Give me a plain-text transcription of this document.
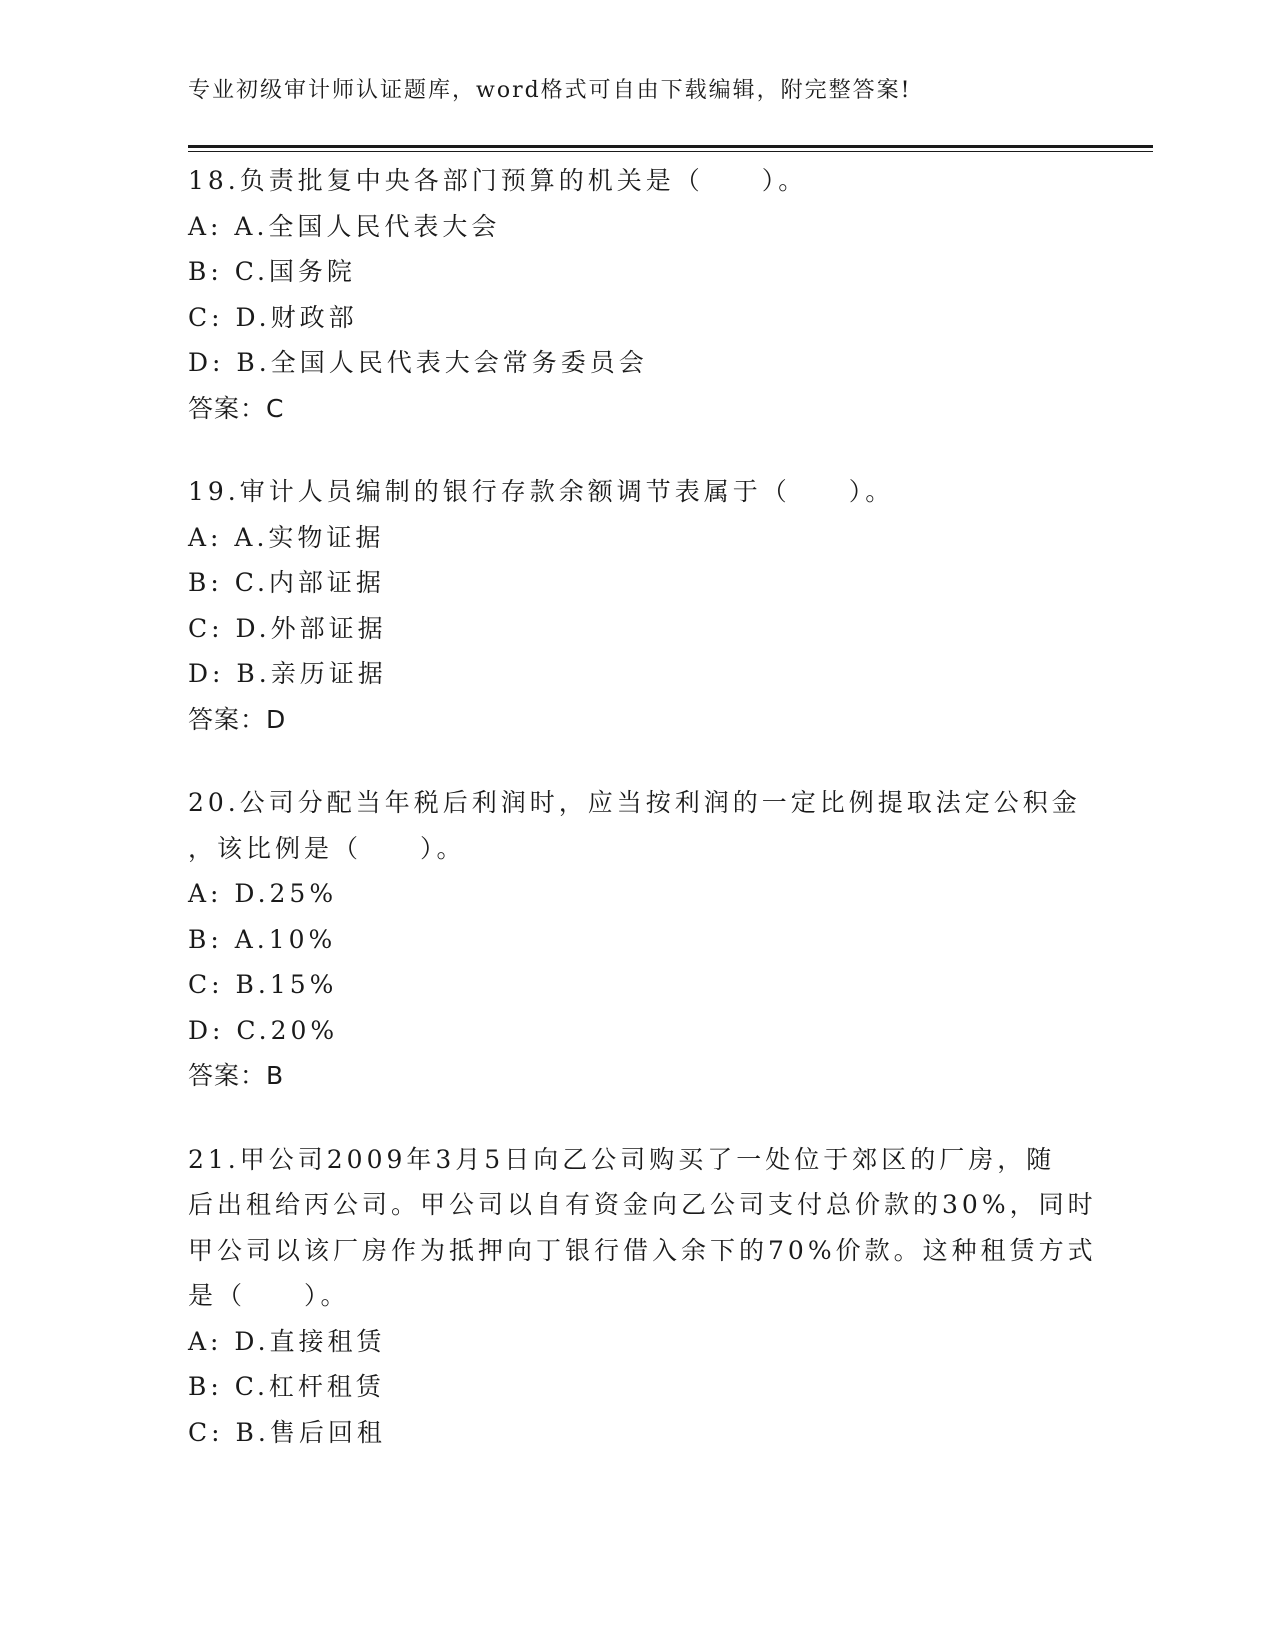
专业初级审计师认证题库，word格式可自由下载编辑，附完整答案!
18.负责批复中央各部门预算的机关是（　　）。
A: A.全国人民代表大会
B: C.国务院
C: D.财政部
D: B.全国人民代表大会常务委员会
答案：C
19.审计人员编制的银行存款余额调节表属于（　　）。
A: A.实物证据
B: C.内部证据
C: D.外部证据
D: B.亲历证据
答案：D
20.公司分配当年税后利润时，应当按利润的一定比例提取法定公积金
，该比例是（　　）。
A: D.25%
B: A.10%
C: B.15%
D: C.20%
答案：B
21.甲公司2009年3月5日向乙公司购买了一处位于郊区的厂房，随
后出租给丙公司。甲公司以自有资金向乙公司支付总价款的30%，同时
甲公司以该厂房作为抵押向丁银行借入余下的70%价款。这种租赁方式
是（　　）。
A: D.直接租赁
B: C.杠杆租赁
C: B.售后回租
